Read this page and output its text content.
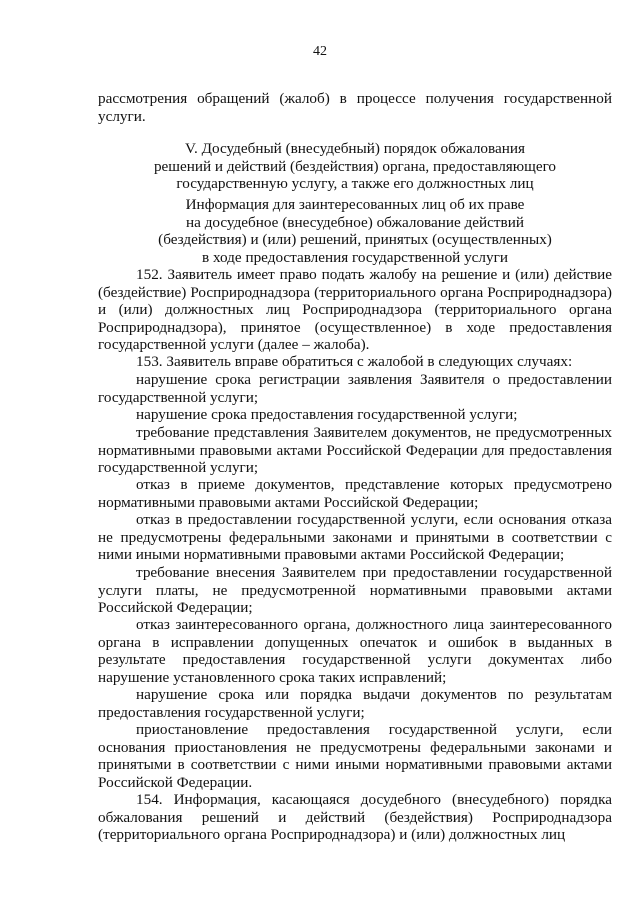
42

рассмотрения обращений (жалоб) в процессе получения государственной услуги.

V. Досудебный (внесудебный) порядок обжалования
решений и действий (бездействия) органа, предоставляющего
государственную услугу, а также его должностных лиц
Информация для заинтересованных лиц об их праве
на досудебное (внесудебное) обжалование действий
(бездействия) и (или) решений, принятых (осуществленных)
в ходе предоставления государственной услуги

152. Заявитель имеет право подать жалобу на решение и (или) действие (бездействие) Росприроднадзора (территориального органа Росприроднадзора) и (или) должностных лиц Росприроднадзора (территориального органа Росприроднадзора), принятое (осуществленное) в ходе предоставления государственной услуги (далее – жалоба).

153. Заявитель вправе обратиться с жалобой в следующих случаях:

нарушение срока регистрации заявления Заявителя о предоставлении государственной услуги;

нарушение срока предоставления государственной услуги;

требование представления Заявителем документов, не предусмотренных нормативными правовыми актами Российской Федерации для предоставления государственной услуги;

отказ в приеме документов, представление которых предусмотрено нормативными правовыми актами Российской Федерации;

отказ в предоставлении государственной услуги, если основания отказа не предусмотрены федеральными законами и принятыми в соответствии с ними иными нормативными правовыми актами Российской Федерации;

требование внесения Заявителем при предоставлении государственной услуги платы, не предусмотренной нормативными правовыми актами Российской Федерации;

отказ заинтересованного органа, должностного лица заинтересованного органа в исправлении допущенных опечаток и ошибок в выданных в результате предоставления государственной услуги документах либо нарушение установленного срока таких исправлений;

нарушение срока или порядка выдачи документов по результатам предоставления государственной услуги;

приостановление предоставления государственной услуги, если основания приостановления не предусмотрены федеральными законами и принятыми в соответствии с ними иными нормативными правовыми актами Российской Федерации.

154. Информация, касающаяся досудебного (внесудебного) порядка обжалования решений и действий (бездействия) Росприроднадзора (территориального органа Росприроднадзора) и (или) должностных лиц
